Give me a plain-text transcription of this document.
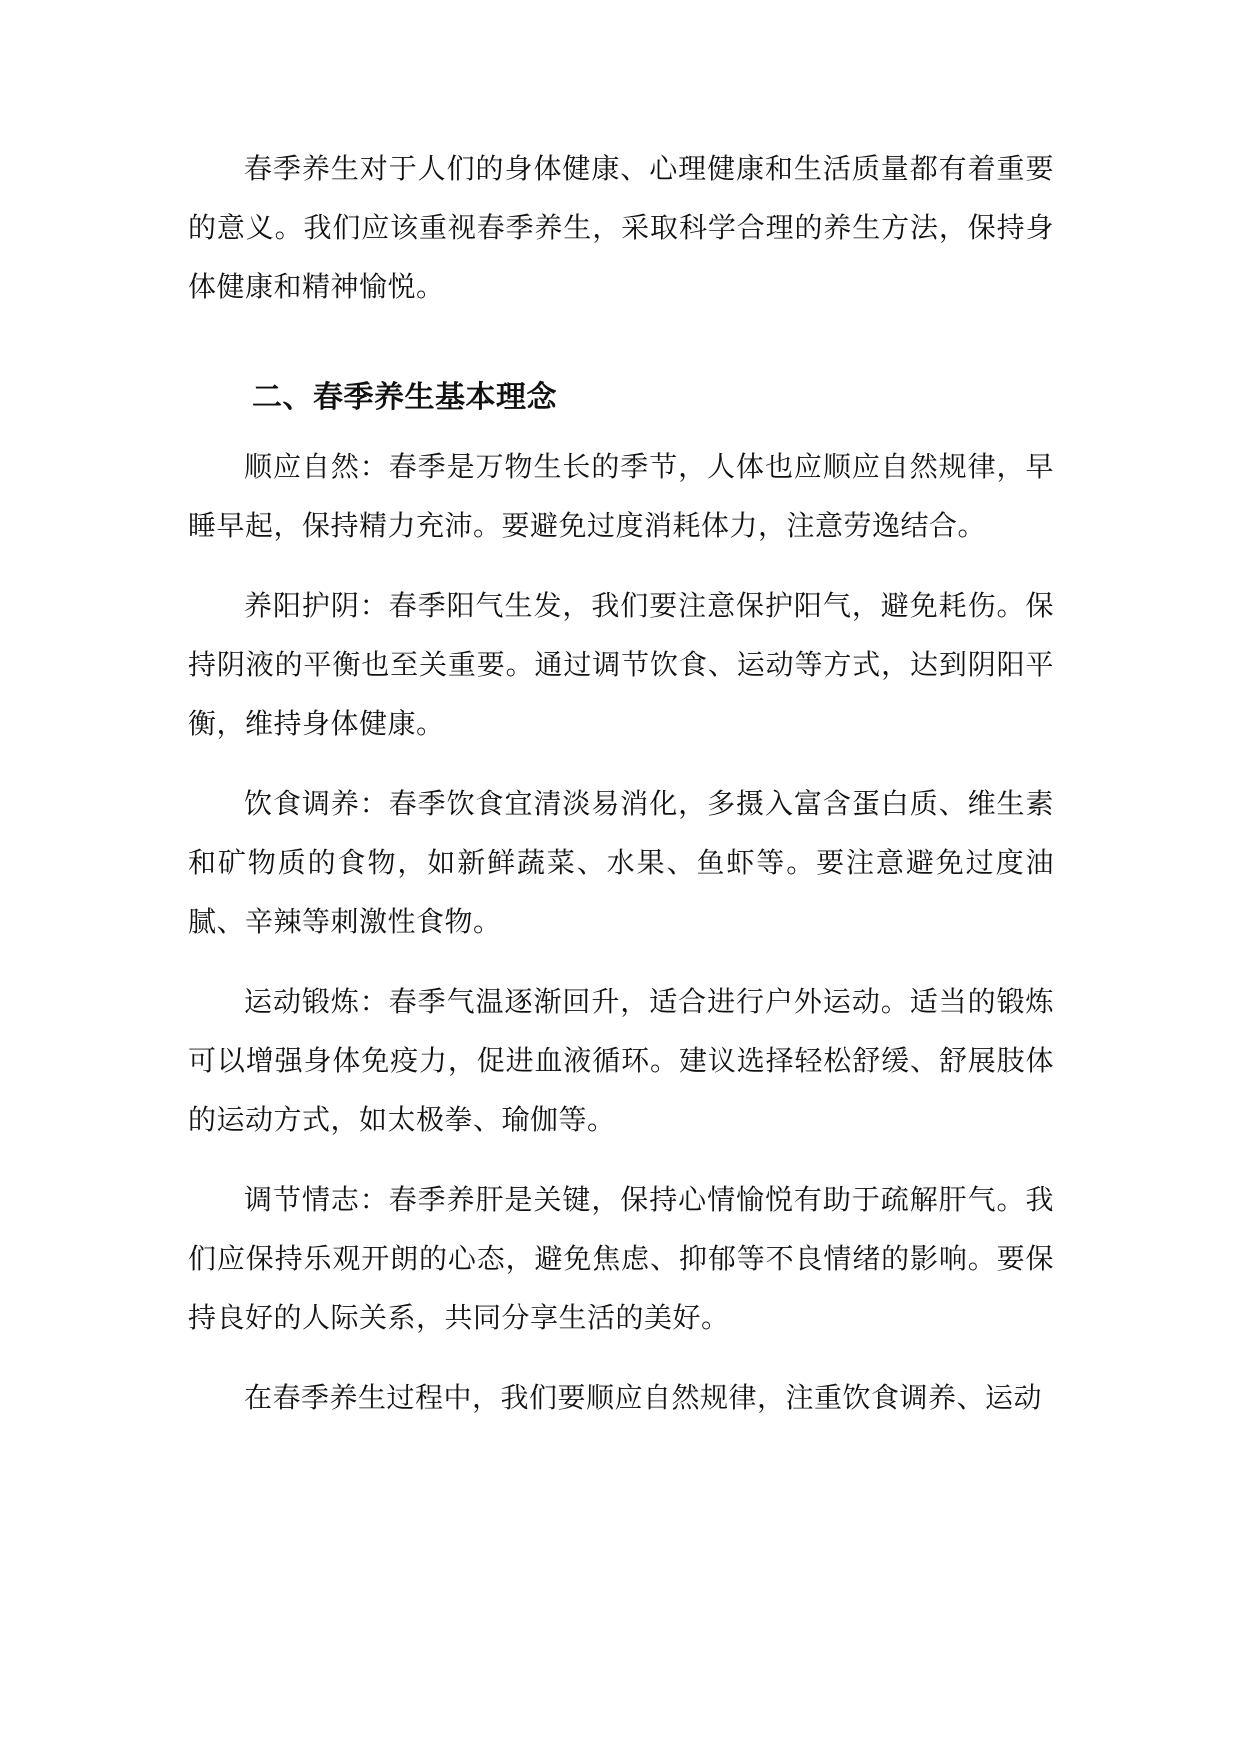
春季养生对于人们的身体健康、心理健康和生活质量都有着重要的意义。我们应该重视春季养生，采取科学合理的养生方法，保持身体健康和精神愉悦。

二、春季养生基本理念

顺应自然：春季是万物生长的季节，人体也应顺应自然规律，早睡早起，保持精力充沛。要避免过度消耗体力，注意劳逸结合。

养阳护阴：春季阳气生发，我们要注意保护阳气，避免耗伤。保持阴液的平衡也至关重要。通过调节饮食、运动等方式，达到阴阳平衡，维持身体健康。

饮食调养：春季饮食宜清淡易消化，多摄入富含蛋白质、维生素和矿物质的食物，如新鲜蔬菜、水果、鱼虾等。要注意避免过度油腻、辛辣等刺激性食物。

运动锻炼：春季气温逐渐回升，适合进行户外运动。适当的锻炼可以增强身体免疫力，促进血液循环。建议选择轻松舒缓、舒展肢体的运动方式，如太极拳、瑜伽等。

调节情志：春季养肝是关键，保持心情愉悦有助于疏解肝气。我们应保持乐观开朗的心态，避免焦虑、抑郁等不良情绪的影响。要保持良好的人际关系，共同分享生活的美好。

在春季养生过程中，我们要顺应自然规律，注重饮食调养、运动
